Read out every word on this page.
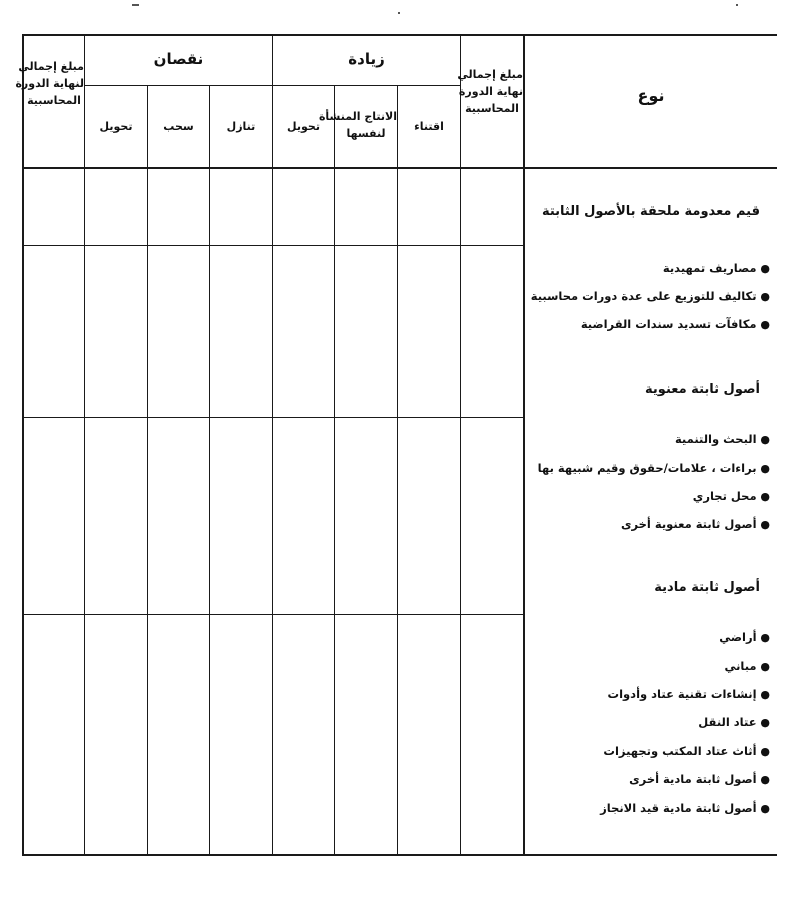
نوع
مبلغ إجمالي
نهاية الدورة
المحاسبية
زيادة
اقتناء
الانتاج المنشأة
لنفسها
تحويل
نقصان
تنازل
سحب
تحويل
مبلغ إجمالي
لنهاية الدورة
المحاسبية
قيم معدومة ملحقة بالأصول الثابتة
● مصاريف تمهيدية
● تكاليف للتوزيع على عدة دورات محاسبية
● مكافآت تسديد سندات القراضية
أصول ثابتة معنوية
● البحث والتنمية
● براءات ، علامات/حقوق وقيم شبيهة بها
● محل تجاري
● أصول ثابتة معنوية أخرى
أصول ثابتة مادية
● أراضي
● مباني
● إنشاءات تقنية عتاد وأدوات
● عتاد النقل
● أثاث عتاد المكتب وتجهيزات
● أصول ثابتة مادية أخرى
● أصول ثابتة مادية قيد الانجاز
